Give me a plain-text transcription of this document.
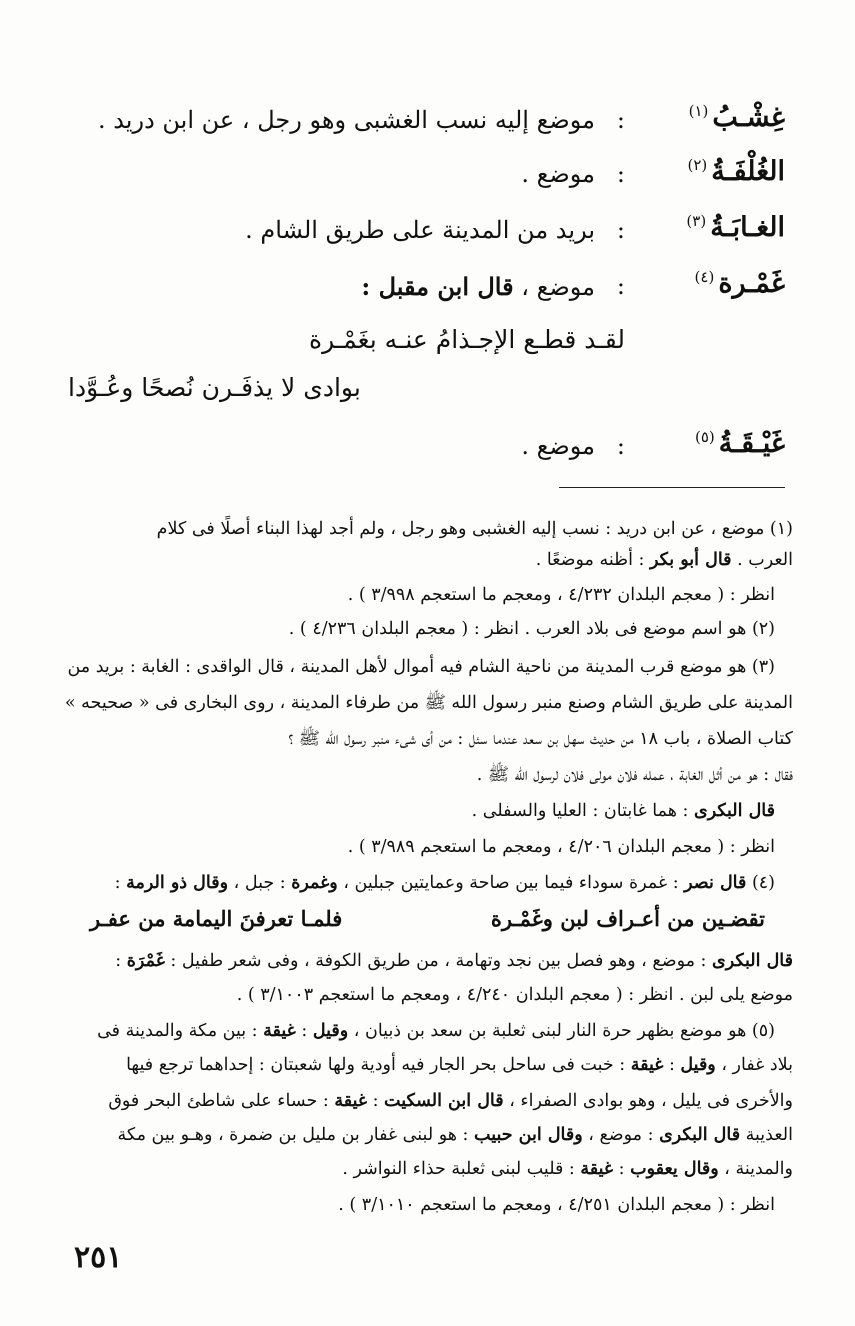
غِشْـبُ$^{(١)}$
:
موضع إليه نسب الغشبى وهو رجل ، عن ابن دريد .
الغُلْفَـةُ$^{(٢)}$
:
موضع .
الغـابَـةُ$^{(٣)}$
:
بريد من المدينة على طريق الشام .
غَمْـرة$^{(٤)}$
:
موضع ، قال ابن مقبل :
لقـد قطـع الإجـذامُ عنـه بغَمْـرة
بوادى لا يذفَـرن نُصحًا وعُـوَّدا
غَيْـقَـةُ$^{(٥)}$
:
موضع .
(١) موضع ، عن ابن دريد : نسب إليه الغشبى وهو رجل ، ولم أجد لهذا البناء أصلًا فى كلام
العرب . قال أبو بكر : أظنه موضعًا .
انظر : ( معجم البلدان ٤/٢٣٢ ، ومعجم ما استعجم ٣/٩٩٨ ) .
(٢) هو اسم موضع فى بلاد العرب . انظر : ( معجم البلدان ٤/٢٣٦ ) .
(٣) هو موضع قرب المدينة من ناحية الشام فيه أموال لأهل المدينة ، قال الواقدى : الغابة : بريد من
المدينة على طريق الشام وصنع منبر رسول الله ﷺ من طرفاء المدينة ، روى البخارى فى « صحيحه »
كتاب الصلاة ، باب ١٨ من حديث سهل بن سعد عندما سئل : من أى شىء منبر رسول الله ﷺ ؟
فقال : هو من أثل الغابة ، عمله فلان مولى فلان لرسول الله ﷺ .
قال البكرى : هما غابتان : العليا والسفلى .
انظر : ( معجم البلدان ٤/٢٠٦ ، ومعجم ما استعجم ٣/٩٨٩ ) .
(٤) قال نصر : غمرة سوداء فيما بين صاحة وعمايتين جبلين ، وغمرة : جبل ، وقال ذو الرمة :
تقضـين من أعـراف لبن وغَمْـرة
فلمـا تعرفنَ اليمامة من عفـر
قال البكرى : موضع ، وهو فصل بين نجد وتهامة ، من طريق الكوفة ، وفى شعر طفيل : غَمْرَة :
موضع يلى لبن . انظر : ( معجم البلدان ٤/٢٤٠ ، ومعجم ما استعجم ٣/١٠٠٣ ) .
(٥) هو موضع بظهر حرة النار لبنى ثعلبة بن سعد بن ذبيان ، وقيل : غيقة : بين مكة والمدينة فى
بلاد غفار ، وقيل : غيقة : خبت فى ساحل بحر الجار فيه أودية ولها شعبتان : إحداهما ترجع فيها
والأخرى فى يليل ، وهو بوادى الصفراء ، قال ابن السكيت : غيقة : حساء على شاطئ البحر فوق
العذيبة قال البكرى : موضع ، وقال ابن حبيب : هو لبنى غفار بن مليل بن ضمرة ، وهـو بين مكة
والمدينة ، وقال يعقوب : غيقة : قليب لبنى ثعلبة حذاء النواشر .
انظر : ( معجم البلدان ٤/٢٥١ ، ومعجم ما استعجم ٣/١٠١٠ ) .
٢٥١
